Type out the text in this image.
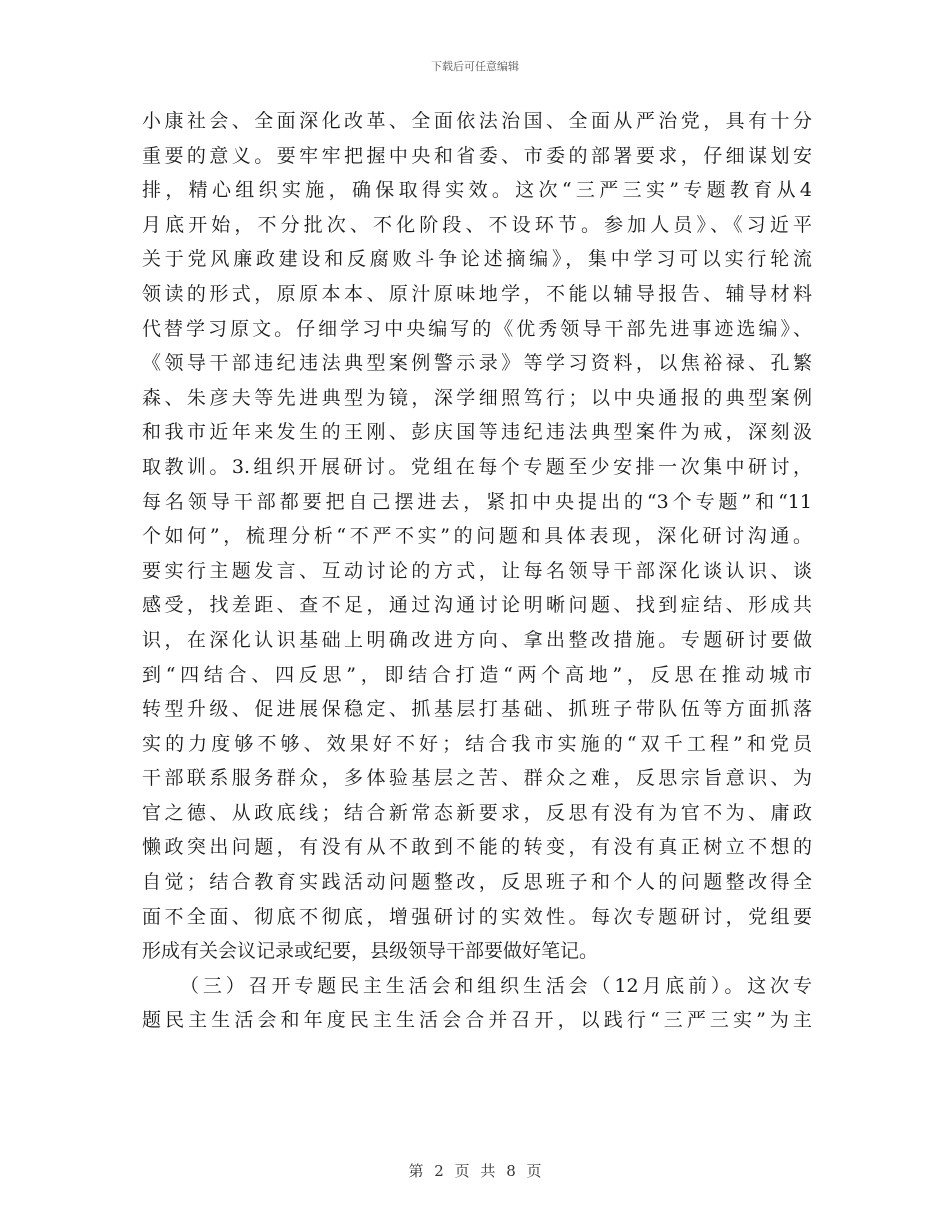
下载后可任意编辑
小康社会、全面深化改革、全面依法治国、全面从严治党，具有十分
重要的意义。要牢牢把握中央和省委、市委的部署要求，仔细谋划安
排，精心组织实施，确保取得实效。这次“三严三实”专题教育从4
月底开始，不分批次、不化阶段、不设环节。参加人员》、《习近平
关于党风廉政建设和反腐败斗争论述摘编》，集中学习可以实行轮流
领读的形式，原原本本、原汁原味地学，不能以辅导报告、辅导材料
代替学习原文。仔细学习中央编写的《优秀领导干部先进事迹选编》、
《领导干部违纪违法典型案例警示录》等学习资料，以焦裕禄、孔繁
森、朱彦夫等先进典型为镜，深学细照笃行；以中央通报的典型案例
和我市近年来发生的王刚、彭庆国等违纪违法典型案件为戒，深刻汲
取教训。3.组织开展研讨。党组在每个专题至少安排一次集中研讨，
每名领导干部都要把自己摆进去，紧扣中央提出的“3个专题”和“11
个如何”，梳理分析“不严不实”的问题和具体表现，深化研讨沟通。
要实行主题发言、互动讨论的方式，让每名领导干部深化谈认识、谈
感受，找差距、查不足，通过沟通讨论明晰问题、找到症结、形成共
识，在深化认识基础上明确改进方向、拿出整改措施。专题研讨要做
到“四结合、四反思”，即结合打造“两个高地”，反思在推动城市
转型升级、促进展保稳定、抓基层打基础、抓班子带队伍等方面抓落
实的力度够不够、效果好不好；结合我市实施的“双千工程”和党员
干部联系服务群众，多体验基层之苦、群众之难，反思宗旨意识、为
官之德、从政底线；结合新常态新要求，反思有没有为官不为、庸政
懒政突出问题，有没有从不敢到不能的转变，有没有真正树立不想的
自觉；结合教育实践活动问题整改，反思班子和个人的问题整改得全
面不全面、彻底不彻底，增强研讨的实效性。每次专题研讨，党组要
形成有关会议记录或纪要，县级领导干部要做好笔记。
（三）召开专题民主生活会和组织生活会（12月底前）。这次专
题民主生活会和年度民主生活会合并召开，以践行“三严三实”为主
第 2 页 共 8 页
